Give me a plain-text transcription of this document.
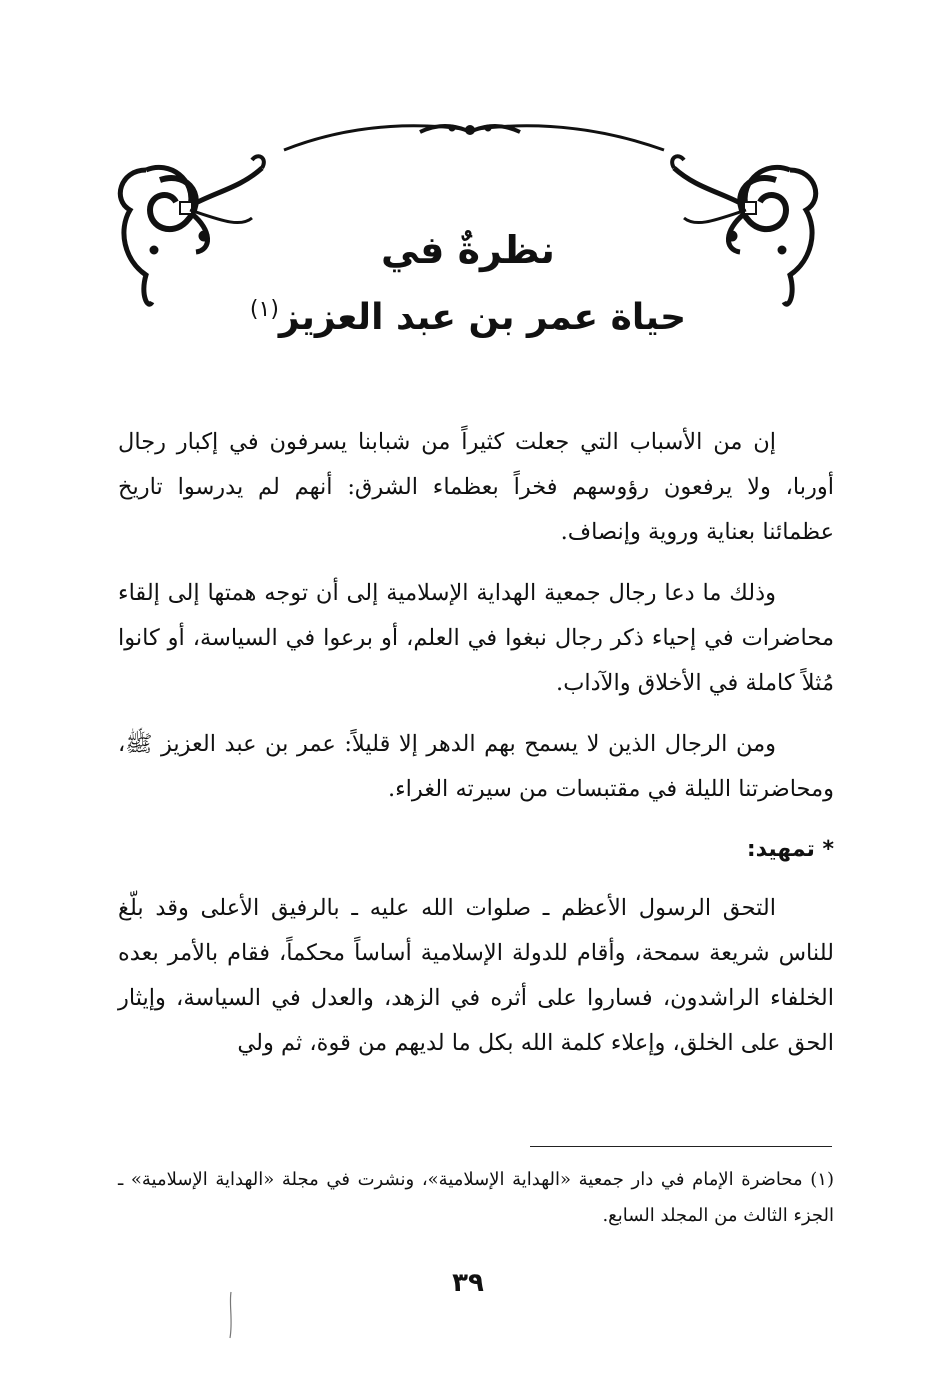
نظرةٌ في
حياة عمر بن عبد العزيز$^{(١)}$

إن من الأسباب التي جعلت كثيراً من شبابنا يسرفون في إكبار رجال أوربا، ولا يرفعون رؤوسهم فخراً بعظماء الشرق: أنهم لم يدرسوا تاريخ عظمائنا بعناية وروية وإنصاف.

وذلك ما دعا رجال جمعية الهداية الإسلامية إلى أن توجه همتها إلى إلقاء محاضرات في إحياء ذكر رجال نبغوا في العلم، أو برعوا في السياسة، أو كانوا مُثلاً كاملة في الأخلاق والآداب.

ومن الرجال الذين لا يسمح بهم الدهر إلا قليلاً: عمر بن عبد العزيز ﷺ، ومحاضرتنا الليلة في مقتبسات من سيرته الغراء.

* تمهيد:

التحق الرسول الأعظم ـ صلوات الله عليه ـ بالرفيق الأعلى وقد بلّغ للناس شريعة سمحة، وأقام للدولة الإسلامية أساساً محكماً، فقام بالأمر بعده الخلفاء الراشدون، فساروا على أثره في الزهد، والعدل في السياسة، وإيثار الحق على الخلق، وإعلاء كلمة الله بكل ما لديهم من قوة، ثم ولي

(١) محاضرة الإمام في دار جمعية «الهداية الإسلامية»، ونشرت في مجلة «الهداية الإسلامية» ـ الجزء الثالث من المجلد السابع.
٣٩
